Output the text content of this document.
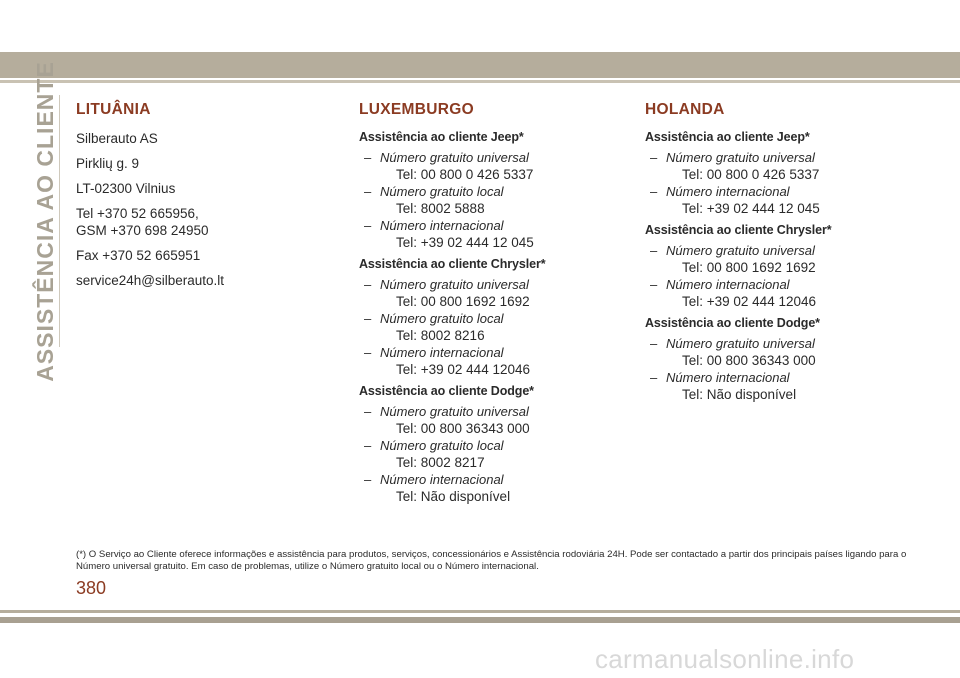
ASSISTÊNCIA AO CLIENTE LITUÂNIA
Silberauto AS
Pirklių g. 9
LT-02300 Vilnius
Tel +370 52 665956,
GSM +370 698 24950
Fax +370 52 665951
service24h@silberauto.lt
LUXEMBURGO
Assistência ao cliente Jeep*
– Número gratuito universal
Tel: 00 800 0 426 5337
– Número gratuito local
Tel: 8002 5888
– Número internacional
Tel: +39 02 444 12 045
Assistência ao cliente Chrysler*
– Número gratuito universal
Tel: 00 800 1692 1692
– Número gratuito local
Tel: 8002 8216
– Número internacional
Tel: +39 02 444 12046
Assistência ao cliente Dodge*
– Número gratuito universal
Tel: 00 800 36343 000
– Número gratuito local
Tel: 8002 8217
– Número internacional
Tel: Não disponível
HOLANDA
Assistência ao cliente Jeep*
– Número gratuito universal
Tel: 00 800 0 426 5337
– Número internacional
Tel: +39 02 444 12 045
Assistência ao cliente Chrysler*
– Número gratuito universal
Tel: 00 800 1692 1692
– Número internacional
Tel: +39 02 444 12046
Assistência ao cliente Dodge*
– Número gratuito universal
Tel: 00 800 36343 000
– Número internacional
Tel: Não disponível
(*) O Serviço ao Cliente oferece informações e assistência para produtos, serviços, concessionários e Assistência rodoviária 24H. Pode ser contactado a partir dos principais países ligando para o Número universal gratuito. Em caso de problemas, utilize o Número gratuito local ou o Número internacional.
380
carmanualsonline.info
